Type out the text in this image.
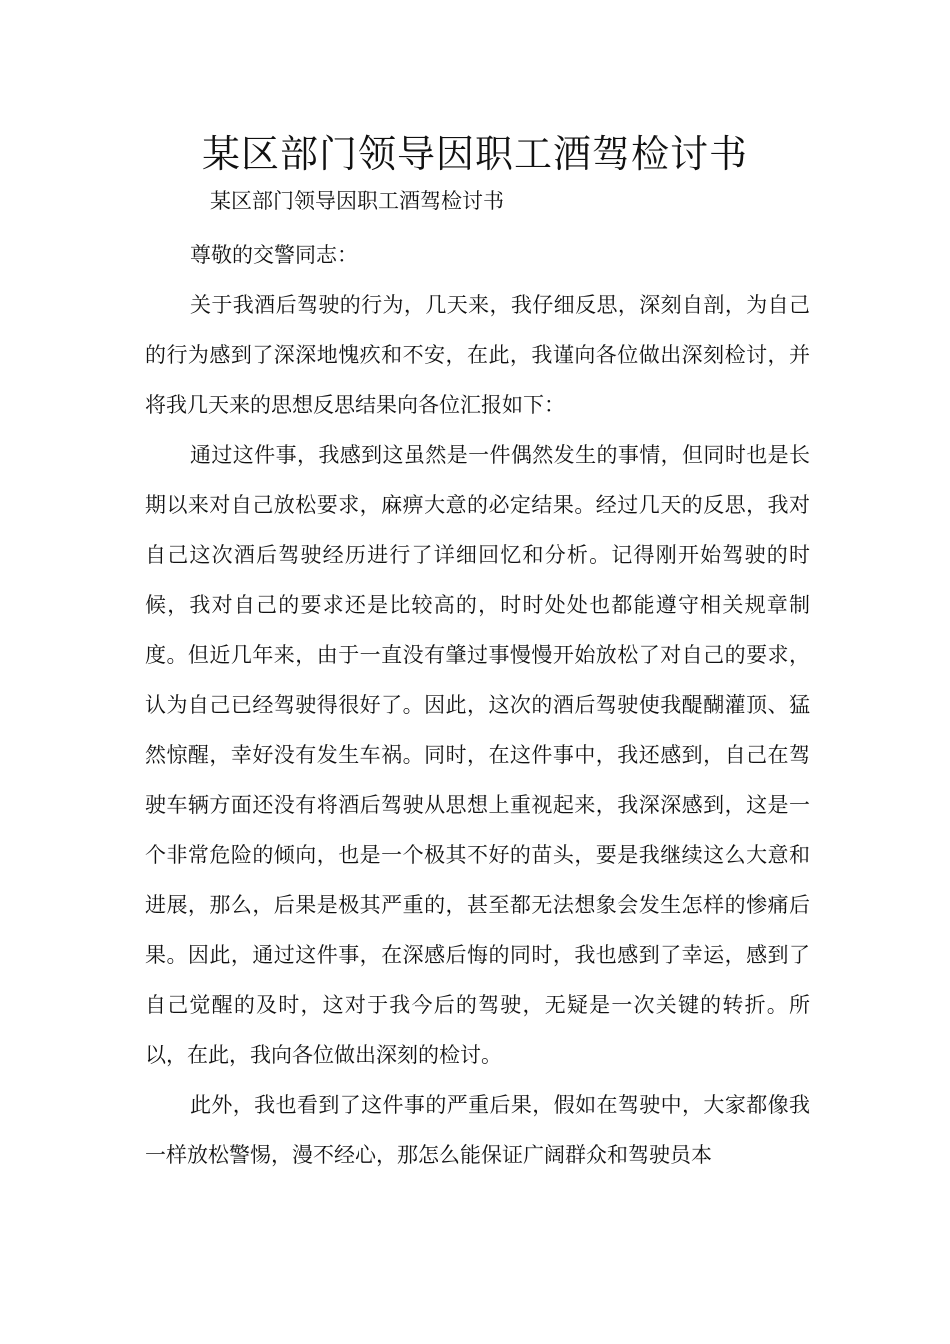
某区部门领导因职工酒驾检讨书

某区部门领导因职工酒驾检讨书

尊敬的交警同志：

关于我酒后驾驶的行为，几天来，我仔细反思，深刻自剖，为自己的行为感到了深深地愧疚和不安，在此，我谨向各位做出深刻检讨，并将我几天来的思想反思结果向各位汇报如下：

通过这件事，我感到这虽然是一件偶然发生的事情，但同时也是长期以来对自己放松要求，麻痹大意的必定结果。经过几天的反思，我对自己这次酒后驾驶经历进行了详细回忆和分析。记得刚开始驾驶的时候，我对自己的要求还是比较高的，时时处处也都能遵守相关规章制度。但近几年来，由于一直没有肇过事慢慢开始放松了对自己的要求，认为自己已经驾驶得很好了。因此，这次的酒后驾驶使我醍醐灌顶、猛然惊醒，幸好没有发生车祸。同时，在这件事中，我还感到，自己在驾驶车辆方面还没有将酒后驾驶从思想上重视起来，我深深感到，这是一个非常危险的倾向，也是一个极其不好的苗头，要是我继续这么大意和进展，那么，后果是极其严重的，甚至都无法想象会发生怎样的惨痛后果。因此，通过这件事，在深感后悔的同时，我也感到了幸运，感到了自己觉醒的及时，这对于我今后的驾驶，无疑是一次关键的转折。所以，在此，我向各位做出深刻的检讨。

此外，我也看到了这件事的严重后果，假如在驾驶中，大家都像我一样放松警惕，漫不经心，那怎么能保证广阔群众和驾驶员本
